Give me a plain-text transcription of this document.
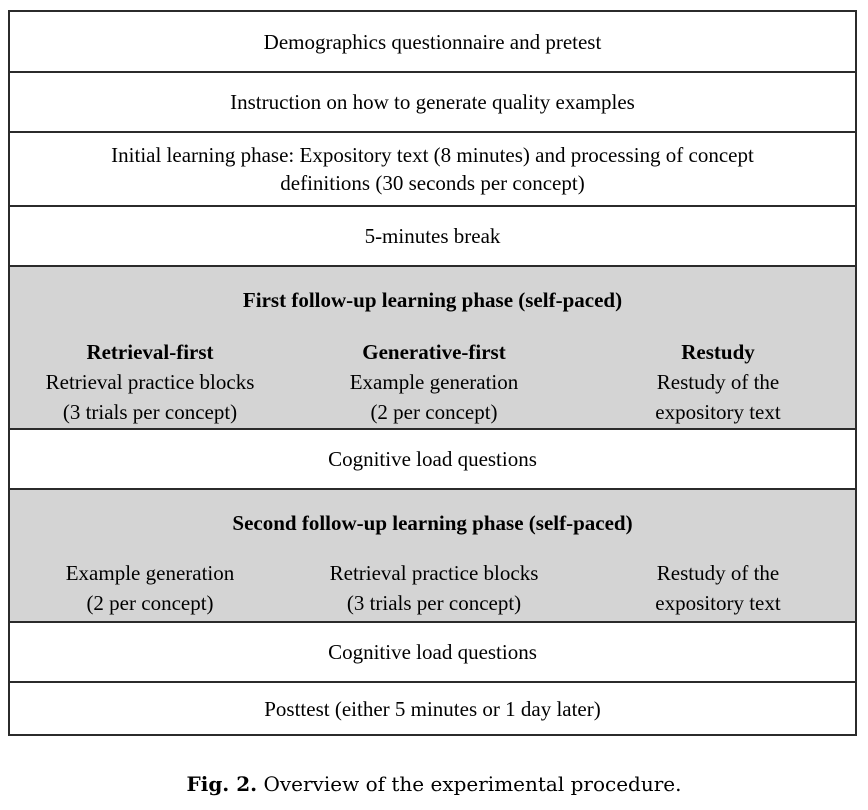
Demographics questionnaire and pretest
Instruction on how to generate quality examples
Initial learning phase: Expository text (8 minutes) and processing of concept
definitions (30 seconds per concept)
5-minutes break
First follow-up learning phase (self-paced)
Retrieval-first
Retrieval practice blocks
(3 trials per concept)
Generative-first
Example generation
(2 per concept)
Restudy
Restudy of the
expository text
Cognitive load questions
Second follow-up learning phase (self-paced)
Example generation
(2 per concept)
Retrieval practice blocks
(3 trials per concept)
Restudy of the
expository text
Cognitive load questions
Posttest (either 5 minutes or 1 day later)
Fig. 2. Overview of the experimental procedure.
